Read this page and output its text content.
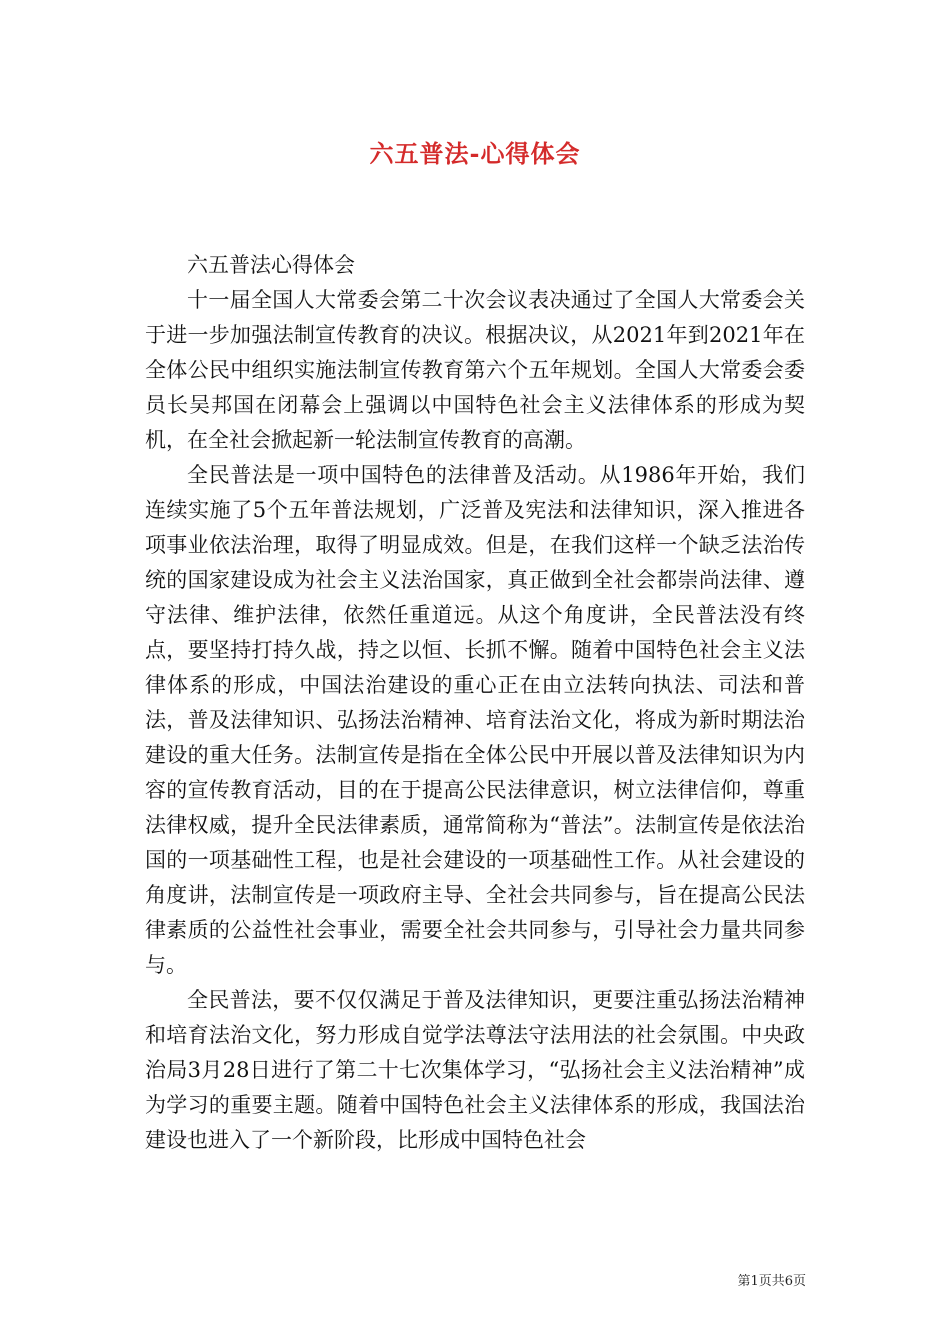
六五普法-心得体会

六五普法心得体会

十一届全国人大常委会第二十次会议表决通过了全国人大常委会关于进一步加强法制宣传教育的决议。根据决议，从2021年到2021年在全体公民中组织实施法制宣传教育第六个五年规划。全国人大常委会委员长吴邦国在闭幕会上强调以中国特色社会主义法律体系的形成为契机，在全社会掀起新一轮法制宣传教育的高潮。

全民普法是一项中国特色的法律普及活动。从1986年开始，我们连续实施了5个五年普法规划，广泛普及宪法和法律知识，深入推进各项事业依法治理，取得了明显成效。但是，在我们这样一个缺乏法治传统的国家建设成为社会主义法治国家，真正做到全社会都崇尚法律、遵守法律、维护法律，依然任重道远。从这个角度讲，全民普法没有终点，要坚持打持久战，持之以恒、长抓不懈。随着中国特色社会主义法律体系的形成，中国法治建设的重心正在由立法转向执法、司法和普法，普及法律知识、弘扬法治精神、培育法治文化，将成为新时期法治建设的重大任务。法制宣传是指在全体公民中开展以普及法律知识为内容的宣传教育活动，目的在于提高公民法律意识，树立法律信仰，尊重法律权威，提升全民法律素质，通常简称为“普法”。法制宣传是依法治国的一项基础性工程，也是社会建设的一项基础性工作。从社会建设的角度讲，法制宣传是一项政府主导、全社会共同参与，旨在提高公民法律素质的公益性社会事业，需要全社会共同参与，引导社会力量共同参与。

全民普法，要不仅仅满足于普及法律知识，更要注重弘扬法治精神和培育法治文化，努力形成自觉学法尊法守法用法的社会氛围。中央政治局3月28日进行了第二十七次集体学习，“弘扬社会主义法治精神”成为学习的重要主题。随着中国特色社会主义法律体系的形成，我国法治建设也进入了一个新阶段，比形成中国特色社会

第1页共6页
